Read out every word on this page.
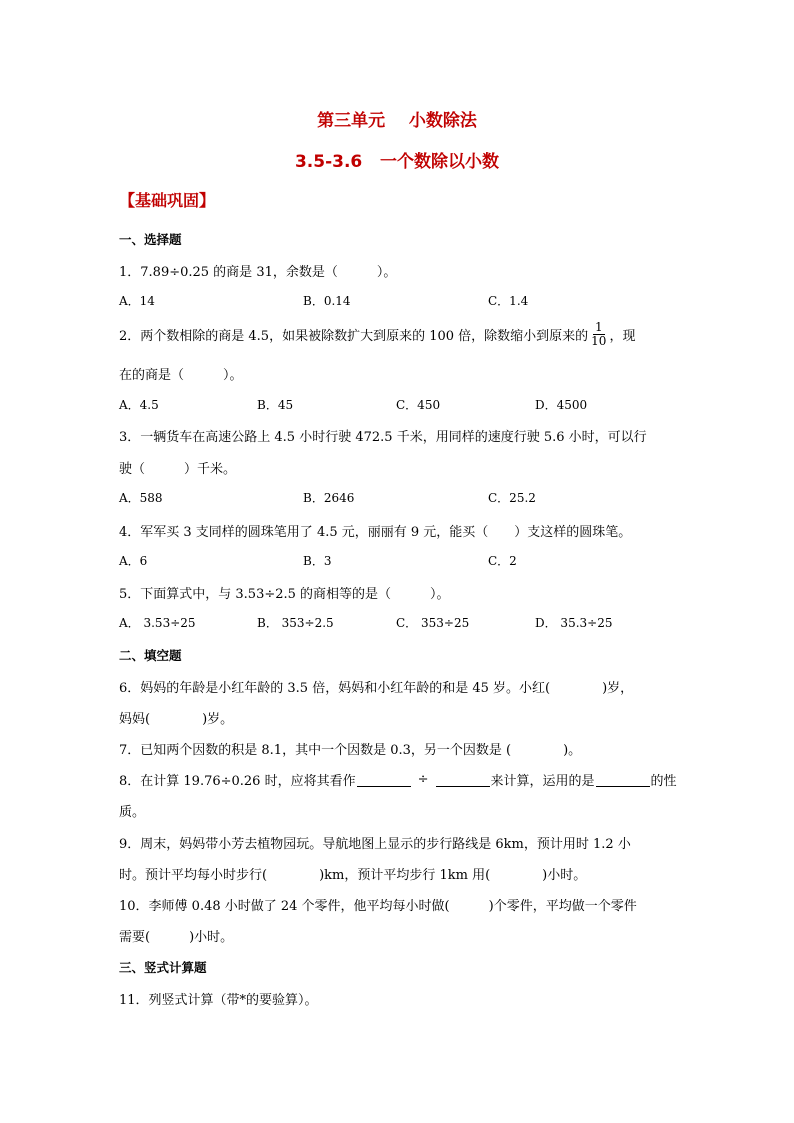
第三单元    小数除法
3.5-3.6   一个数除以小数
【基础巩固】
一、选择题
1．7.89÷0.25 的商是 31，余数是（　　　）。
A．14	B．0.14	C．1.4
2．两个数相除的商是 4.5，如果被除数扩大到原来的 100 倍，除数缩小到原来的 $\frac{1}{10}$ ，现
在的商是（　　　）。
A．4.5	B．45	C．450	D．4500
3．一辆货车在高速公路上 4.5 小时行驶 472.5 千米，用同样的速度行驶 5.6 小时，可以行
驶（　　　）千米。
A．588	B．2646	C．25.2
4．军军买 3 支同样的圆珠笔用了 4.5 元，丽丽有 9 元，能买（　　）支这样的圆珠笔。
A．6	B．3	C．2
5．下面算式中，与 3.53÷2.5 的商相等的是（　　　）。
A． 3.53÷25	B． 353÷2.5	C． 353÷25	D． 35.3÷25
二、填空题
6．妈妈的年龄是小红年龄的 3.5 倍，妈妈和小红年龄的和是 45 岁。小红(　　　　)岁，
妈妈(　　　　)岁。
7．已知两个因数的积是 8.1，其中一个因数是 0.3，另一个因数是 (　　　　)。
8．在计算 19.76÷0.26 时，应将其看作	÷	来计算，运用的是	的性
质。
9．周末，妈妈带小芳去植物园玩。导航地图上显示的步行路线是 6km，预计用时 1.2 小
时。预计平均每小时步行(　　　　)km，预计平均步行 1km 用(　　　　)小时。
10．李师傅 0.48 小时做了 24 个零件，他平均每小时做(　　　)个零件，平均做一个零件
需要(　　　)小时。
三、竖式计算题
11．列竖式计算（带*的要验算）。
